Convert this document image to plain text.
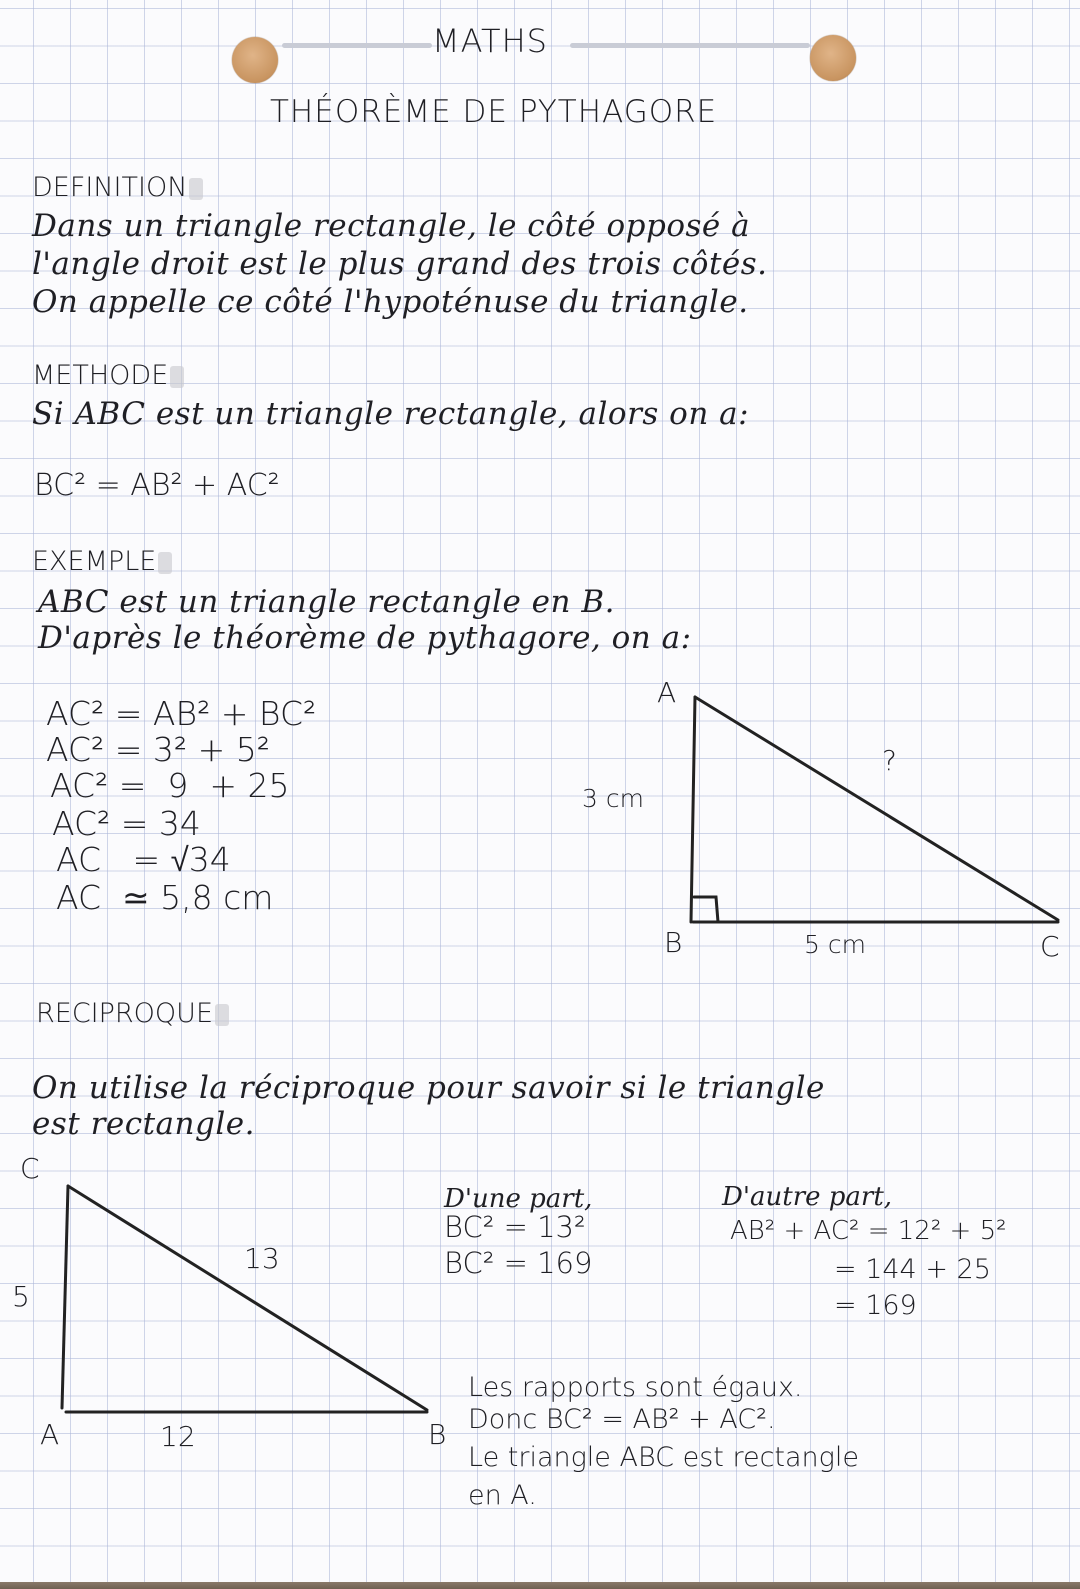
MATHS
THÉORÈME DE PYTHAGORE
DEFINITION
Dans un triangle rectangle, le côté opposé à
l'angle droit est le plus grand des trois côtés.
On appelle ce côté l'hypoténuse du triangle.
METHODE
Si ABC est un triangle rectangle, alors on a:
BC² = AB² + AC²
EXEMPLE
ABC est un triangle rectangle en B.
D'après le théorème de pythagore, on a:
AC² = AB² + BC²
AC² = 3² + 5²
AC² =  9  + 25
AC² = 34
AC   = √34
AC  ≃ 5,8 cm
A
B	C
3 cm
5 cm
?
RECIPROQUE
On utilise la réciproque pour savoir si le triangle
est rectangle.
C
A	B
5
12
13
D'une part,
BC² = 13²
BC² = 169
D'autre part,
AB² + AC² = 12² + 5²
= 144 + 25
= 169
Les rapports sont égaux.
Donc BC² = AB² + AC².
Le triangle ABC est rectangle
en A.
